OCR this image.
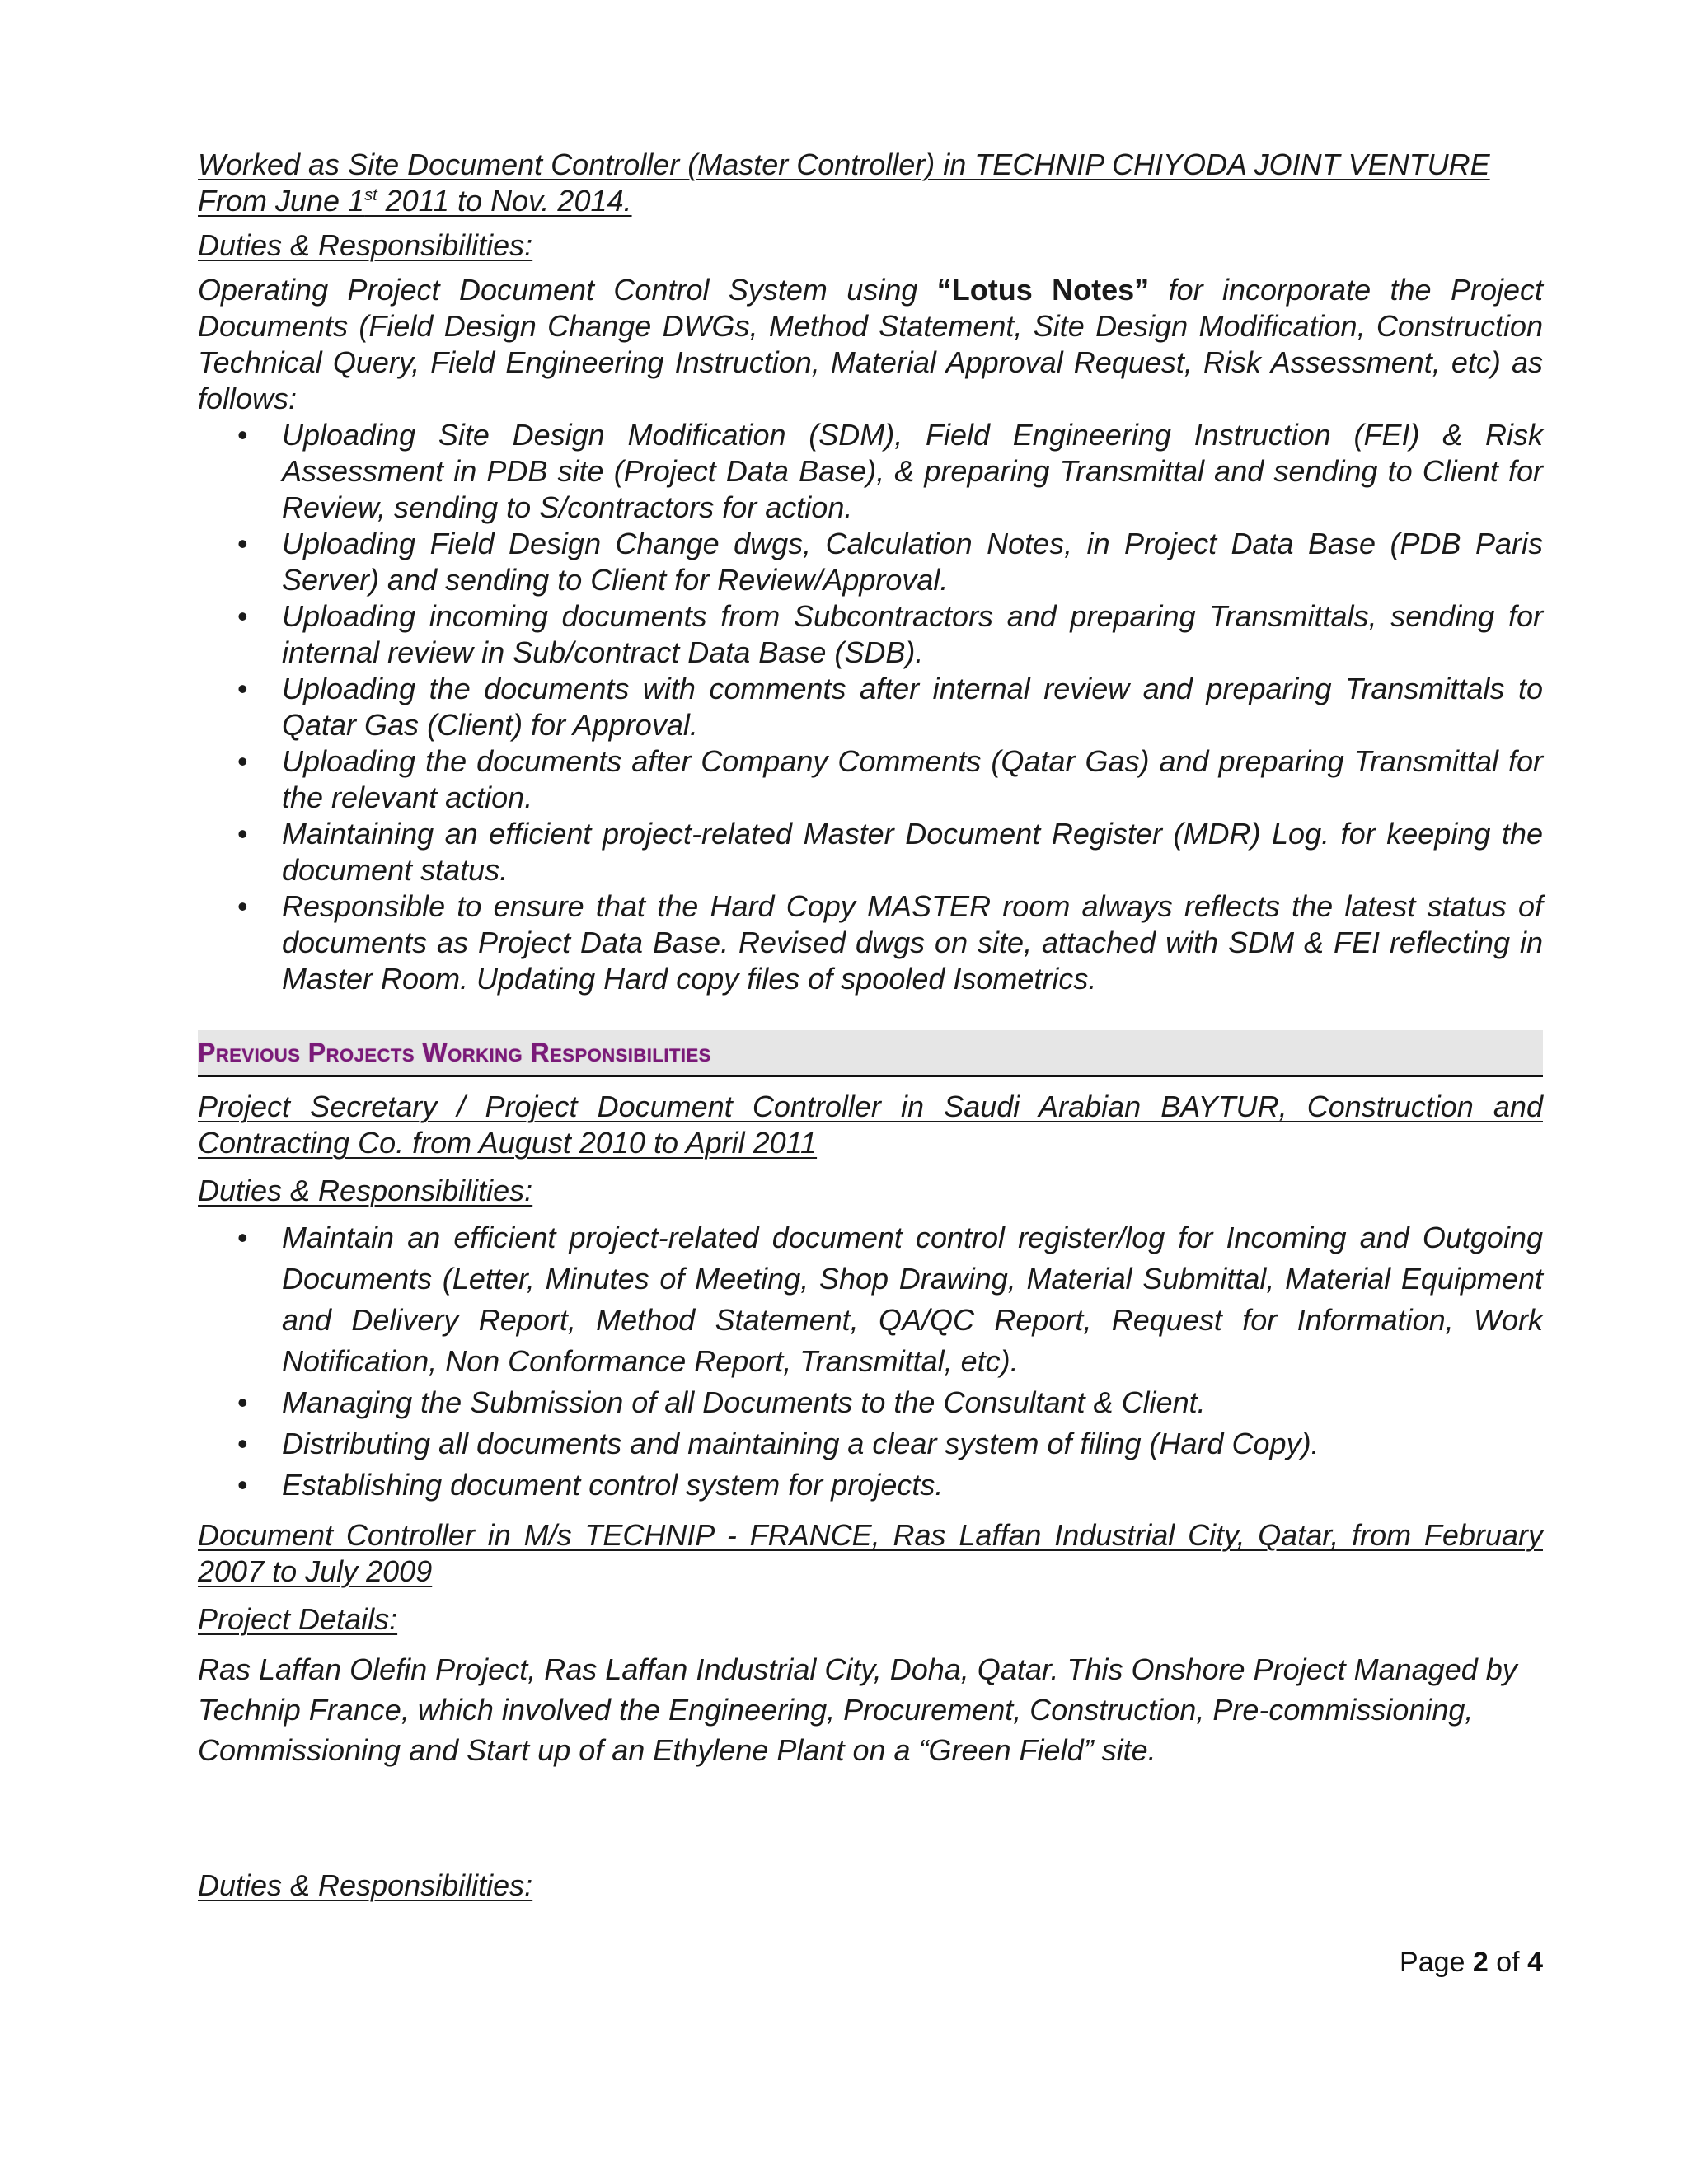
Worked as Site Document Controller (Master Controller) in TECHNIP CHIYODA JOINT VENTURE

From June 1st 2011 to Nov. 2014.

Duties & Responsibilities:

Operating Project Document Control System using “Lotus Notes” for incorporate the Project Documents (Field Design Change DWGs, Method Statement, Site Design Modification, Construction Technical Query, Field Engineering Instruction, Material Approval Request, Risk Assessment, etc) as follows:

• Uploading Site Design Modification (SDM), Field Engineering Instruction (FEI) & Risk Assessment in PDB site (Project Data Base), & preparing Transmittal and sending to Client for Review, sending to S/contractors for action.
• Uploading Field Design Change dwgs, Calculation Notes, in Project Data Base (PDB Paris Server) and sending to Client for Review/Approval.
• Uploading incoming documents from Subcontractors and preparing Transmittals, sending for internal review in Sub/contract Data Base (SDB).
• Uploading the documents with comments after internal review and preparing Transmittals to Qatar Gas (Client) for Approval.
• Uploading the documents after Company Comments (Qatar Gas) and preparing Transmittal for the relevant action.
• Maintaining an efficient project-related Master Document Register (MDR) Log. for keeping the document status.
• Responsible to ensure that the Hard Copy MASTER room always reflects the latest status of documents as Project Data Base. Revised dwgs on site, attached with SDM & FEI reflecting in Master Room. Updating Hard copy files of spooled Isometrics.
Previous Projects Working Responsibilities

Project Secretary / Project Document Controller in Saudi Arabian BAYTUR, Construction and Contracting Co. from August 2010 to April 2011

Duties & Responsibilities:

• Maintain an efficient project-related document control register/log for Incoming and Outgoing Documents (Letter, Minutes of Meeting, Shop Drawing, Material Submittal, Material Equipment and Delivery Report, Method Statement, QA/QC Report, Request for Information, Work Notification, Non Conformance Report, Transmittal, etc).
• Managing the Submission of all Documents to the Consultant & Client.
• Distributing all documents and maintaining a clear system of filing (Hard Copy).
• Establishing document control system for projects.

Document Controller in M/s TECHNIP - FRANCE, Ras Laffan Industrial City, Qatar, from February 2007 to July 2009

Project Details:

Ras Laffan Olefin Project, Ras Laffan Industrial City, Doha, Qatar. This Onshore Project Managed by Technip France, which involved the Engineering, Procurement, Construction, Pre-commissioning, Commissioning and Start up of an Ethylene Plant on a “Green Field” site.

Duties & Responsibilities:

Page 2 of 4
